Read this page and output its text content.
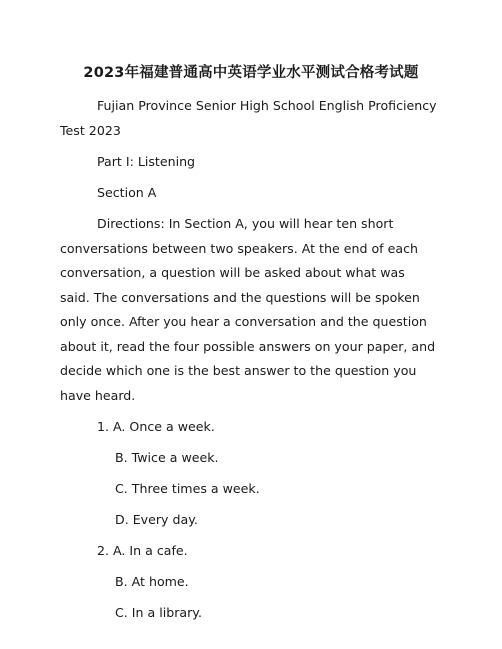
2023年福建普通高中英语学业水平测试合格考试题

Fujian Province Senior High School English Proficiency Test 2023

Part I: Listening

Section A

Directions: In Section A, you will hear ten short conversations between two speakers. At the end of each conversation, a question will be asked about what was said. The conversations and the questions will be spoken only once. After you hear a conversation and the question about it, read the four possible answers on your paper, and decide which one is the best answer to the question you have heard.

1. A. Once a week.
B. Twice a week.
C. Three times a week.
D. Every day.
2. A. In a cafe.
B. At home.
C. In a library.
